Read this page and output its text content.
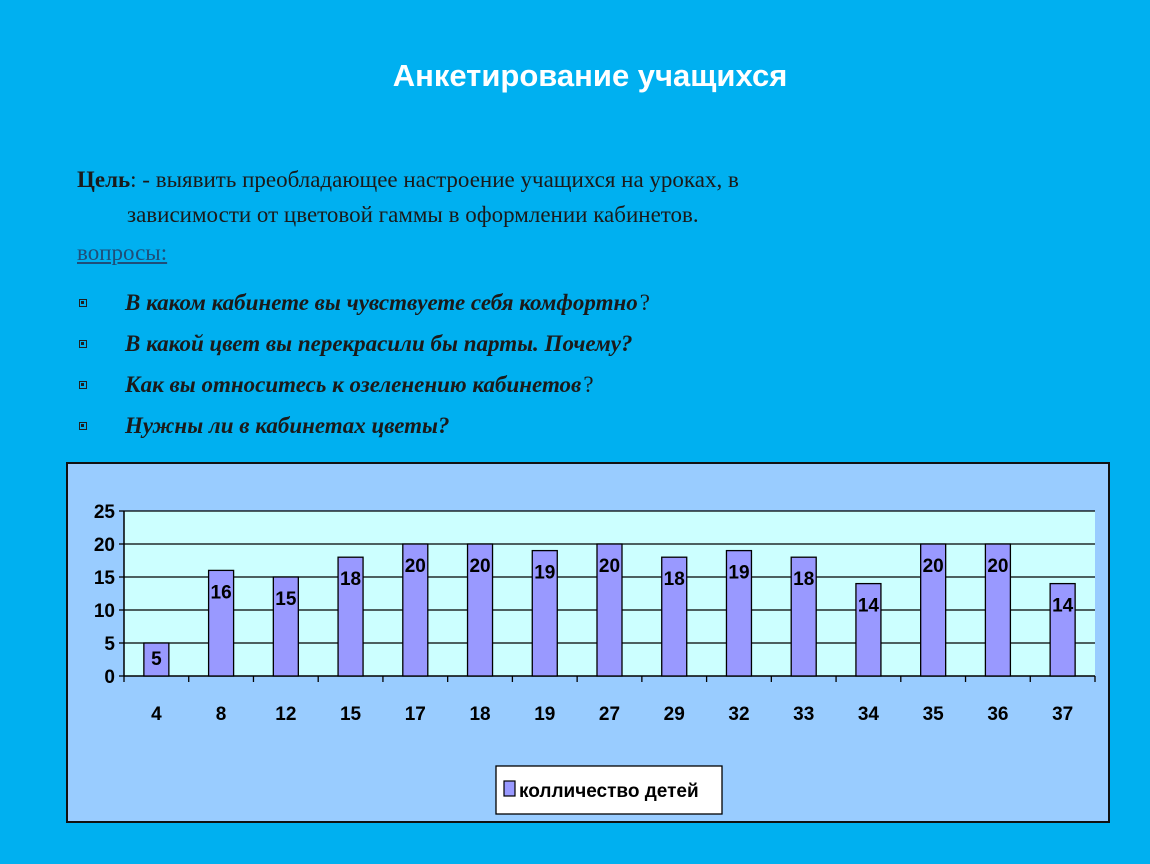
Анкетирование учащихся
Цель: - выявить преобладающее настроение учащихся на уроках, в
зависимости от цветовой гаммы в оформлении кабинетов.
вопросы:
В каком кабинете вы чувствуете себя комфортно ?
В какой цвет вы перекрасили бы парты. Почему?
Как вы относитесь к озеленению кабинетов ?
Нужны ли в кабинетах цветы?
0
5
10
15
20
25
5
4
16
8
15
12
18
15
20
17
20
18
19
19
20
27
18
29
19
32
18
33
14
34
20
35
20
36
14
37
колличество детей
